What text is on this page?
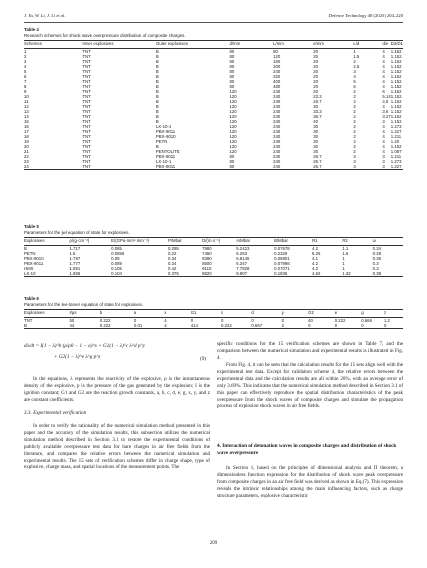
J. Yu, W. Li, J. Li et al.	Defence Technology 48 (2025) 204–220
Table 4
Research schemes for shock wave overpressure distribution of composite charges.
Schemes	Inner explosives	Outer explosives	d/mm	L/mm	e/mm	L/d	d/e	D2/D1
1	TNT	B	80	80	20	1	4	1.152
2	TNT	B	80	120	20	1.5	4	1.152
3	TNT	B	80	160	20	2	4	1.152
4	TNT	B	80	200	20	2.5	4	1.152
5	TNT	B	80	240	20	3	4	1.152
6	TNT	B	80	320	20	4	4	1.152
7	TNT	B	80	400	20	5	4	1.152
8	TNT	B	80	480	20	6	4	1.152
9	TNT	B	120	240	20	2	6	1.152
10	TNT	B	120	240	23.3	2	5.14	1.152
11	TNT	B	120	240	26.7	2	4.5	1.152
12	TNT	B	120	240	30	2	4	1.152
13	TNT	B	120	240	33.3	2	3.6	1.152
14	TNT	B	120	240	36.7	2	3.27	1.152
15	TNT	B	120	240	40	2	3	1.152
16	TNT	LX-10-1	120	240	30	2	4	1.273
17	TNT	PBX-9011	120	240	30	2	4	1.227
18	TNT	PBX-9010	120	240	30	2	4	1.211
19	TNT	PETN	120	240	30	2	4	1.20
20	TNT	B	120	240	30	2	4	1.152
21	TNT	PENTOLITE	120	240	30	2	4	1.087
22	TNT	PBX-9011	80	240	26.7	3	3	1.211
23	TNT	LX-10-1	80	240	26.7	3	3	1.273
24	TNT	PBX-9011	80	240	26.7	3	3	1.227
Table 5
Parameters for the jwl equation of state for explosives.
Explosives	ρ/(g·cm⁻³)	E/(GPa·mm³·mm⁻³)	P/Mbar	D/(m·s⁻¹)	A/Mbar	B/Mbar	R1	R2	ω
B	1.717	0.085	0.295	7980	5.2423	0.07678	4.2	1.1	0.34
PETN	1.5	0.0856	0.22	7450	6.253	0.2329	5.25	1.6	0.28
PBX-9010	1.787	0.09	0.34	8390	5.8145	0.06801	4.1	1	0.35
PBX-9011	1.777	0.089	0.34	8500	6.347	0.07998	4.2	1	0.3
HMX	1.891	0.105	0.42	9110	7.7828	0.07071	4.2	1	0.3
LX-10	1.865	0.104	0.375	8820	8.807	0.1836	4.62	1.32	0.38
Table 6
Parameters for the lee-tarver equation of state for explosives.
Explosives	I/μs	b	a	x	G1	c	d	y	G2	e	g	z
TNT	50	0.222	0	4	0	0	0	0	40	0.222	0.666	1.2
B	44	0.222	0.01	4	414	0.222	0.667	2	0	0	0	0
dλ/dt = I(1 − λ)^b (ρ/ρ0 − 1 − a)^x + G1(1 − λ)^c λ^d p^y
+ G2(1 − λ)^e λ^g p^z	(9)
In the equations, λ represents the reactivity of the explosive, ρ is the instantaneous density of the explosive, p is the pressure of the gas generated by the explosion; I is the ignition constant; G1 and G2 are the reaction growth constants, a, b, c, d, e, g, x, y, and z are constant coefficients.
3.3. Experimental verification
In order to verify the rationality of the numerical simulation method presented in this paper and the accuracy of the simulation results, this subsection utilizes the numerical simulation method described in Section 3.1 to restore the experimental conditions of publicly available overpressure test data for bare charges in air free fields from the literature, and compares the relative errors between the numerical simulation and experimental results. The 15 sets of verification schemes differ in charge shape, type of explosive, charge mass, and spatial locations of the measurement points. The
specific conditions for the 15 verification schemes are shown in Table 7, and the comparison between the numerical simulation and experimental results is illustrated in Fig. 4.
From Fig. 4, it can be seen that the calculation results for the 15 sets align well with the experimental test data. Except for validation scheme 4, the relative errors between the experimental data and the calculation results are all within 20%, with an average error of only 3.69%. This indicates that the numerical simulation method described in Section 3.1 of this paper can effectively reproduce the spatial distribution characteristics of the peak overpressure from the shock waves of composite charges and simulate the propagation process of explosion shock waves in air free fields.
4. Interaction of detonation waves in composite charges and distribution of shock wave overpressure
In Section 1, based on the principles of dimensional analysis and Π theorem, a dimensionless function expression for the distribution of shock wave peak overpressure from composite charges in an air free field was derived as shown in Eq.(7). This expression reveals the intrinsic relationships among the main influencing factors, such as charge structure parameters, explosive characteristic
209
